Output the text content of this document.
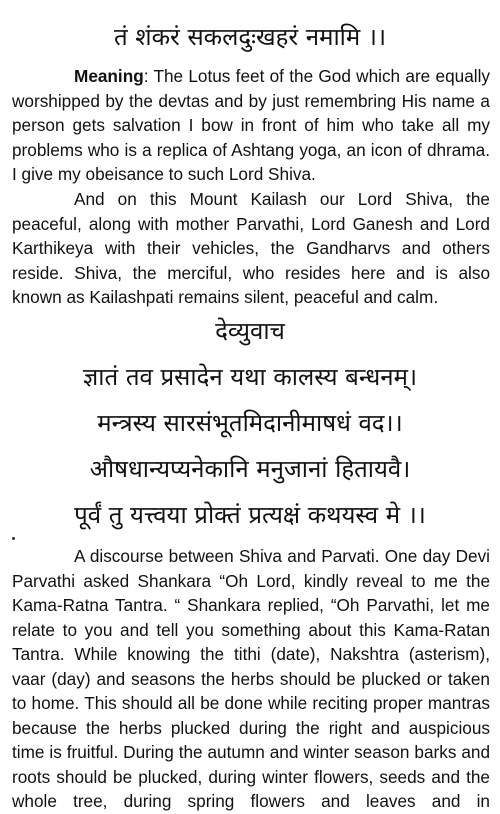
तं शंकरं सकलदुःखहरं नमामि ।।
Meaning: The Lotus feet of the God which are equally worshipped by the devtas and by just remembring His name a person gets salvation I bow in front of him who take all my problems who is a replica of Ashtang yoga, an icon of dhrama. I give my obeisance to such Lord Shiva.
And on this Mount Kailash our Lord Shiva, the peaceful, along with mother Parvathi, Lord Ganesh and Lord Karthikeya with their vehicles, the Gandharvs and others reside. Shiva, the merciful, who resides here and is also known as Kailashpati remains silent, peaceful and calm.
देव्युवाच
ज्ञातं तव प्रसादेन यथा कालस्य बन्धनम्।
मन्त्रस्य सारसंभूतमिदानीमाषधं वद।।
औषधान्यप्यनेकानि मनुजानां हितायवै।
पूर्वं तु यत्त्वया प्रोक्तं प्रत्यक्षं कथयस्व मे ।।
A discourse between Shiva and Parvati. One day Devi Parvathi asked Shankara “Oh Lord, kindly reveal to me the Kama-Ratna Tantra. “ Shankara replied, “Oh Parvathi, let me relate to you and tell you something about this Kama-Ratan Tantra. While knowing the tithi (date), Nakshtra (asterism), vaar (day) and seasons the herbs should be plucked or taken to home. This should all be done while reciting proper mantras because the herbs plucked during the right and auspicious time is fruitful. During the autumn and winter season barks and roots should be plucked, during winter flowers, seeds and the whole tree, during spring flowers and leaves and in
